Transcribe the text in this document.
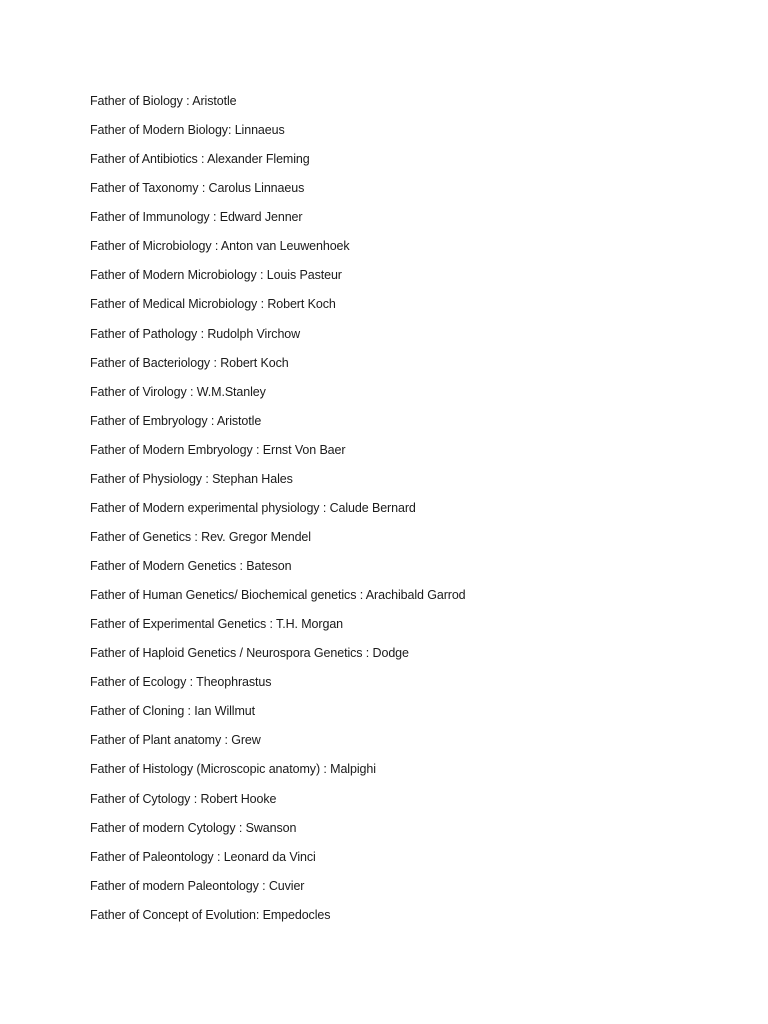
Father of Biology : Aristotle
Father of Modern Biology: Linnaeus
Father of Antibiotics : Alexander Fleming
Father of Taxonomy : Carolus Linnaeus
Father of Immunology : Edward Jenner
Father of Microbiology : Anton van Leuwenhoek
Father of Modern Microbiology : Louis Pasteur
Father of Medical Microbiology : Robert Koch
Father of Pathology : Rudolph Virchow
Father of Bacteriology : Robert Koch
Father of Virology : W.M.Stanley
Father of Embryology : Aristotle
Father of Modern Embryology : Ernst Von Baer
Father of Physiology : Stephan Hales
Father of Modern experimental physiology : Calude Bernard
Father of Genetics : Rev. Gregor Mendel
Father of Modern Genetics : Bateson
Father of Human Genetics/ Biochemical genetics : Arachibald Garrod
Father of Experimental Genetics : T.H. Morgan
Father of Haploid Genetics / Neurospora Genetics : Dodge
Father of Ecology : Theophrastus
Father of Cloning : Ian Willmut
Father of Plant anatomy : Grew
Father of Histology (Microscopic anatomy) : Malpighi
Father of Cytology : Robert Hooke
Father of modern Cytology : Swanson
Father of Paleontology : Leonard da Vinci
Father of modern Paleontology : Cuvier
Father of Concept of Evolution: Empedocles
